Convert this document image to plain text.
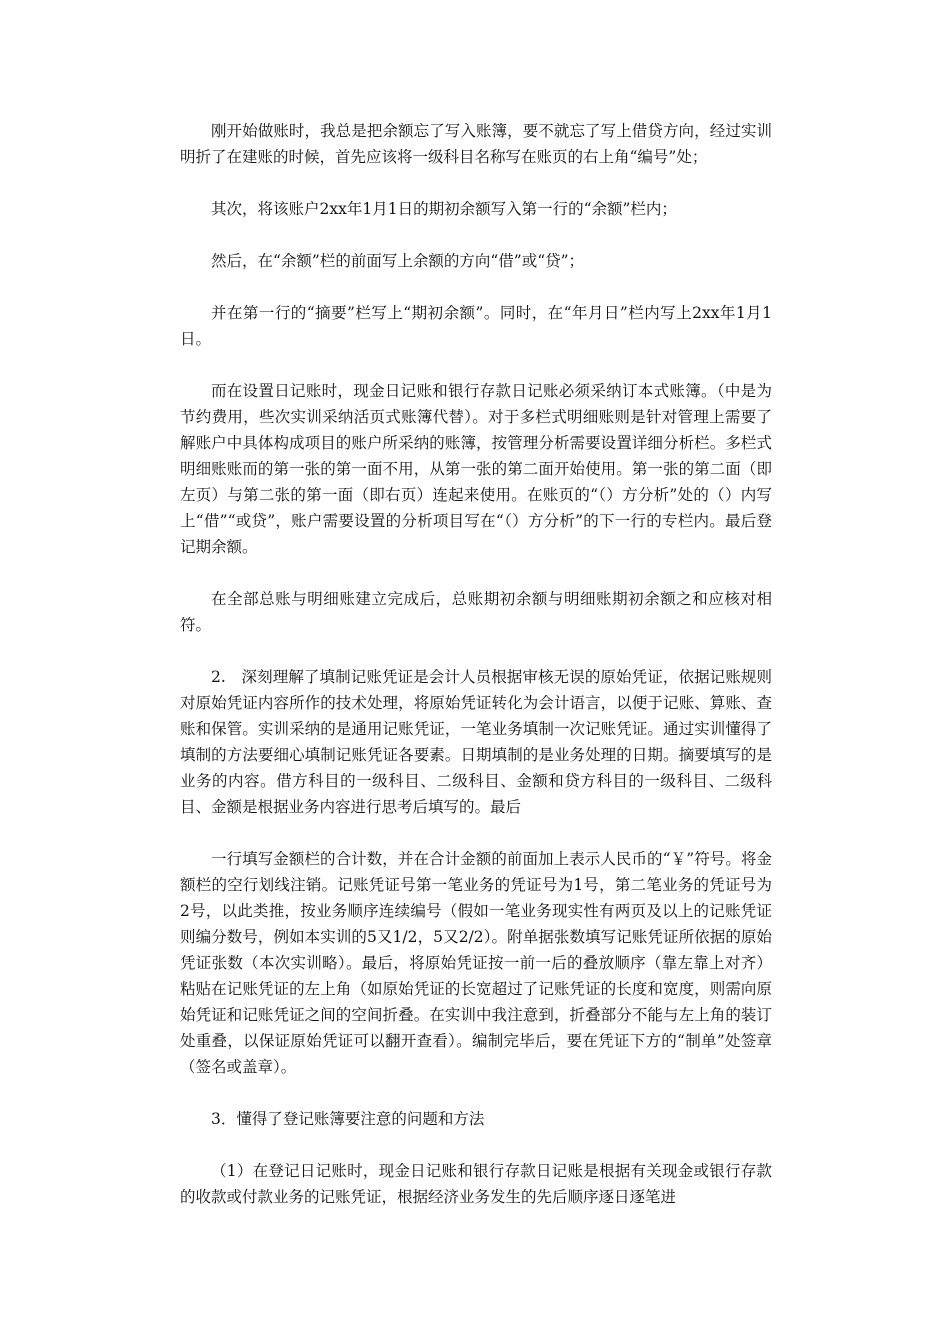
刚开始做账时，我总是把余额忘了写入账簿，要不就忘了写上借贷方向，经过实训明折了在建账的时候，首先应该将一级科目名称写在账页的右上角“编号”处；

其次，将该账户2xx年1月1日的期初余额写入第一行的“余额”栏内；

然后，在“余额”栏的前面写上余额的方向“借”或“贷”；

并在第一行的“摘要”栏写上“期初余额”。同时，在“年月日”栏内写上2xx年1月1日。

而在设置日记账时，现金日记账和银行存款日记账必须采纳订本式账簿。（中是为节约费用，些次实训采纳活页式账簿代替）。对于多栏式明细账则是针对管理上需要了解账户中具体构成项目的账户所采纳的账簿，按管理分析需要设置详细分析栏。多栏式明细账账而的第一张的第一面不用，从第一张的第二面开始使用。第一张的第二面（即左页）与第二张的第一面（即右页）连起来使用。在账页的“（）方分析”处的（）内写上“借”“或贷”，账户需要设置的分析项目写在“（）方分析”的下一行的专栏内。最后登记期余额。

在全部总账与明细账建立完成后，总账期初余额与明细账期初余额之和应核对相符。

2.　深刻理解了填制记账凭证是会计人员根据审核无误的原始凭证，依据记账规则对原始凭证内容所作的技术处理，将原始凭证转化为会计语言，以便于记账、算账、查账和保管。实训采纳的是通用记账凭证，一笔业务填制一次记账凭证。通过实训懂得了填制的方法要细心填制记账凭证各要素。日期填制的是业务处理的日期。摘要填写的是业务的内容。借方科目的一级科目、二级科目、金额和贷方科目的一级科目、二级科目、金额是根据业务内容进行思考后填写的。最后

一行填写金额栏的合计数，并在合计金额的前面加上表示人民币的“￥”符号。将金额栏的空行划线注销。记账凭证号第一笔业务的凭证号为1号，第二笔业务的凭证号为2号，以此类推，按业务顺序连续编号（假如一笔业务现实性有两页及以上的记账凭证则编分数号，例如本实训的5又1/2，5又2/2）。附单据张数填写记账凭证所依据的原始凭证张数（本次实训略）。最后，将原始凭证按一前一后的叠放顺序（靠左靠上对齐）粘贴在记账凭证的左上角（如原始凭证的长宽超过了记账凭证的长度和宽度，则需向原始凭证和记账凭证之间的空间折叠。在实训中我注意到，折叠部分不能与左上角的装订处重叠，以保证原始凭证可以翻开查看）。编制完毕后，要在凭证下方的“制单”处签章（签名或盖章）。

3．懂得了登记账簿要注意的问题和方法

（1）在登记日记账时，现金日记账和银行存款日记账是根据有关现金或银行存款的收款或付款业务的记账凭证，根据经济业务发生的先后顺序逐日逐笔进
